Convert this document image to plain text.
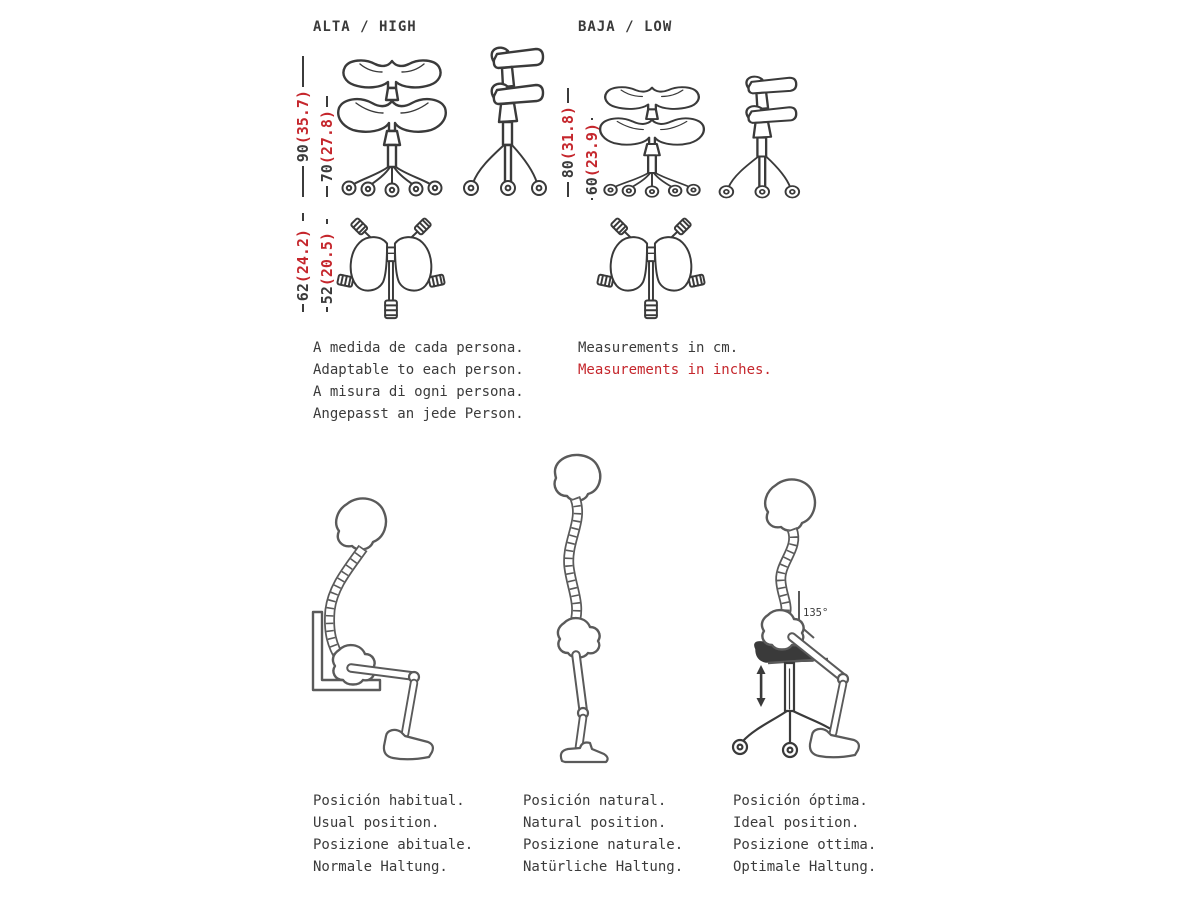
ALTA / HIGH	BAJA / LOW
90(35.7)
70(27.8)
80(31.8)
60(23.9)
62(24.2)
52(20.5)
A medida de cada persona.
Adaptable to each person.
A misura di ogni persona.
Angepasst an jede Person.
Measurements in cm.
Measurements in inches.
135°
Posición habitual.
Usual position.
Posizione abituale.
Normale Haltung.
Posición natural.
Natural position.
Posizione naturale.
Natürliche Haltung.
Posición óptima.
Ideal position.
Posizione ottima.
Optimale Haltung.
